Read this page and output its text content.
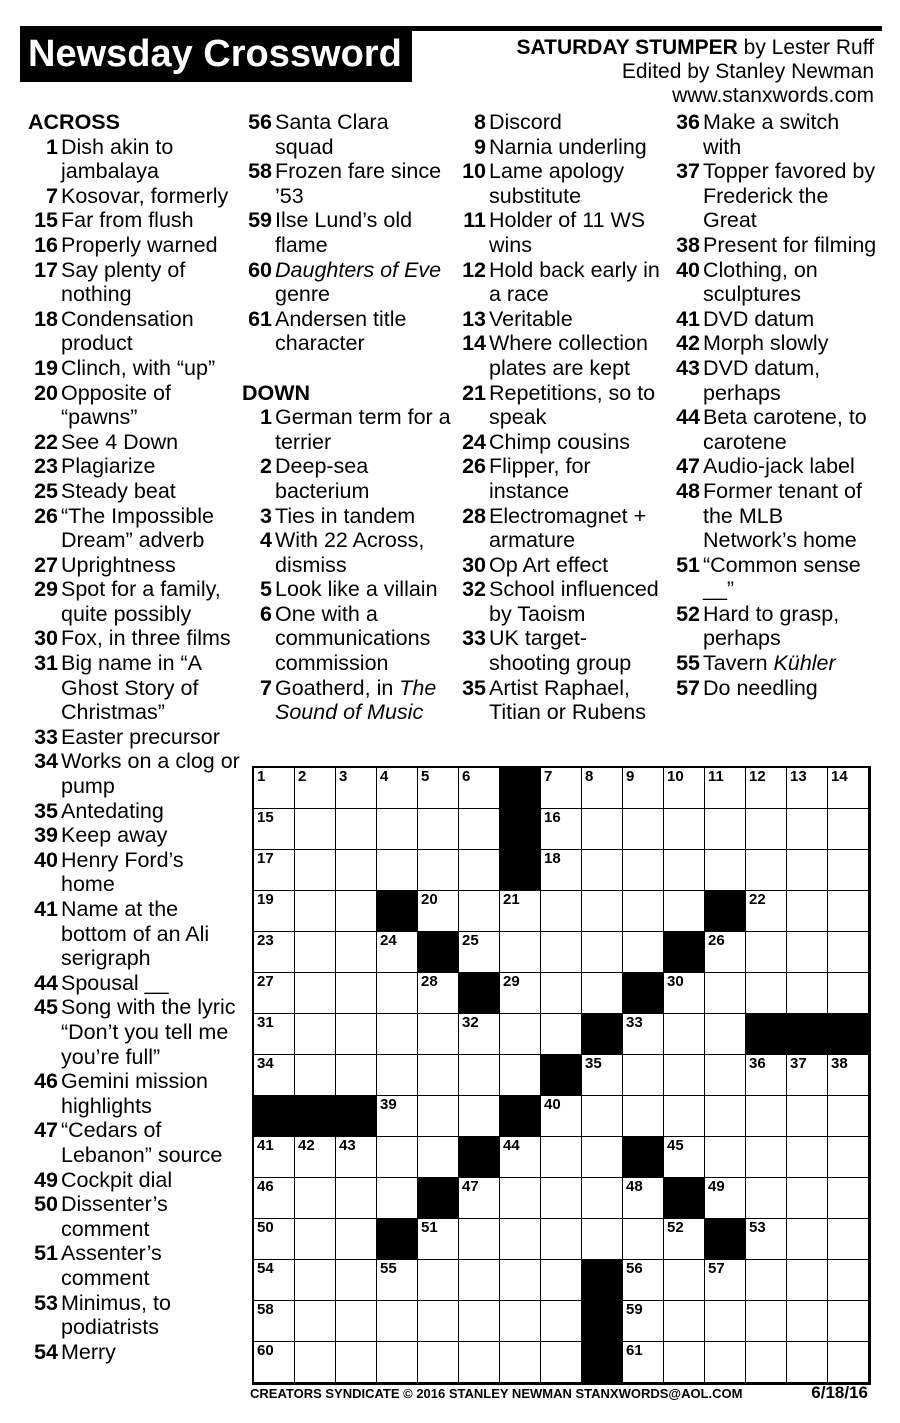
Newsday Crossword	SATURDAY STUMPER by Lester Ruff
Edited by Stanley Newman
www.stanxwords.com
ACROSS
1 Dish akin to jambalaya
7 Kosovar, formerly
15 Far from flush
16 Properly warned
17 Say plenty of nothing
18 Condensation product
19 Clinch, with “up”
20 Opposite of “pawns”
22 See 4 Down
23 Plagiarize
25 Steady beat
26 “The Impossible Dream” adverb
27 Uprightness
29 Spot for a family, quite possibly
30 Fox, in three films
31 Big name in “A Ghost Story of Christmas”
33 Easter precursor
34 Works on a clog or pump
35 Antedating
39 Keep away
40 Henry Ford’s home
41 Name at the bottom of an Ali serigraph
44 Spousal __
45 Song with the lyric “Don’t you tell me you’re full”
46 Gemini mission highlights
47 “Cedars of Lebanon” source
49 Cockpit dial
50 Dissenter’s comment
51 Assenter’s comment
53 Minimus, to podiatrists
54 Merry
56 Santa Clara squad
58 Frozen fare since ’53
59 Ilse Lund’s old flame
60 Daughters of Eve genre
61 Andersen title character
DOWN
1 German term for a terrier
2 Deep-sea bacterium
3 Ties in tandem
4 With 22 Across, dismiss
5 Look like a villain
6 One with a communications commission
7 Goatherd, in The Sound of Music
8 Discord
9 Narnia underling
10 Lame apology substitute
11 Holder of 11 WS wins
12 Hold back early in a race
13 Veritable
14 Where collection plates are kept
21 Repetitions, so to speak
24 Chimp cousins
26 Flipper, for instance
28 Electromagnet + armature
30 Op Art effect
32 School influenced by Taoism
33 UK target-shooting group
35 Artist Raphael, Titian or Rubens
36 Make a switch with
37 Topper favored by Frederick the Great
38 Present for filming
40 Clothing, on sculptures
41 DVD datum
42 Morph slowly
43 DVD datum, perhaps
44 Beta carotene, to carotene
47 Audio-jack label
48 Former tenant of the MLB Network’s home
51 “Common sense __”
52 Hard to grasp, perhaps
55 Tavern Kühler
57 Do needling
1 2 3 4 5 6	7 8 9 10 11 12 13 14
15	16
17	18
19	20	21	22
23	24	25	26
27	28	29	30
31	32	33
34	35	36 37 38
39	40
41 42 43	44	45
46	47	48	49
50	51	52	53
54	55	56	57
58	59
60	61
CREATORS SYNDICATE © 2016 STANLEY NEWMAN STANXWORDS@AOL.COM	6/18/16
